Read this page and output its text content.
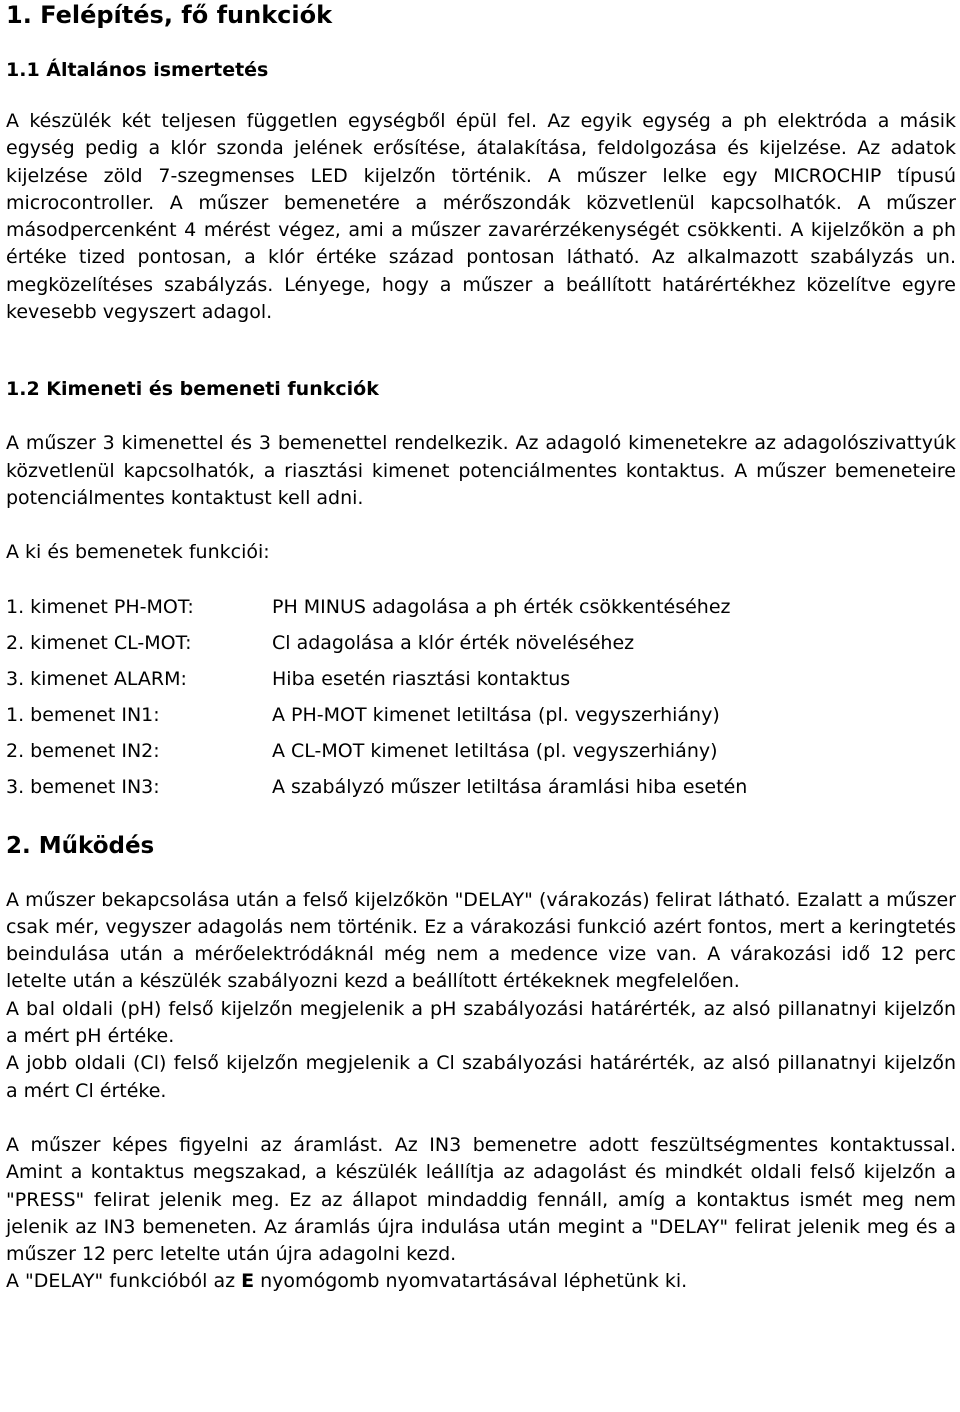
1. Felépítés, fő funkciók
1.1 Általános ismertetés

A készülék két teljesen független egységből épül fel. Az egyik egység a ph elektróda a másik egység pedig a klór szonda jelének erősítése, átalakítása, feldolgozása és kijelzése. Az adatok kijelzése zöld 7-szegmenses LED kijelzőn történik. A műszer lelke egy MICROCHIP típusú microcontroller. A műszer bemenetére a mérőszondák közvetlenül kapcsolhatók. A műszer másodpercenként 4 mérést végez, ami a műszer zavarérzékenységét csökkenti. A kijelzőkön a ph értéke tized pontosan, a klór értéke század pontosan látható. Az alkalmazott szabályzás un. megközelítéses szabályzás. Lényege, hogy a műszer a beállított határértékhez közelítve egyre kevesebb vegyszert adagol.

1.2 Kimeneti és bemeneti funkciók

A műszer 3 kimenettel és 3 bemenettel rendelkezik. Az adagoló kimenetekre az adagolószivattyúk közvetlenül kapcsolhatók, a riasztási kimenet potenciálmentes kontaktus. A műszer bemeneteire potenciálmentes kontaktust kell adni.

A ki és bemenetek funkciói:

1. kimenet PH-MOT:	PH MINUS adagolása a ph érték csökkentéséhez
2. kimenet CL-MOT:	Cl adagolása a klór érték növeléséhez
3. kimenet ALARM:	Hiba esetén riasztási kontaktus
1. bemenet IN1:	A PH-MOT kimenet letiltása (pl. vegyszerhiány)
2. bemenet IN2:	A CL-MOT kimenet letiltása (pl. vegyszerhiány)
3. bemenet IN3:	A szabályzó műszer letiltása áramlási hiba esetén
2. Működés

A műszer bekapcsolása után a felső kijelzőkön "DELAY" (várakozás) felirat látható. Ezalatt a műszer csak mér, vegyszer adagolás nem történik. Ez a várakozási funkció azért fontos, mert a keringtetés beindulása után a mérőelektródáknál még nem a medence vize van. A várakozási idő 12 perc letelte után a készülék szabályozni kezd a beállított értékeknek megfelelően.

A bal oldali (pH) felső kijelzőn megjelenik a pH szabályozási határérték, az alsó pillanatnyi kijelzőn a mért pH értéke.

A jobb oldali (Cl) felső kijelzőn megjelenik a Cl szabályozási határérték, az alsó pillanatnyi kijelzőn a mért Cl értéke.

A műszer képes figyelni az áramlást. Az IN3 bemenetre adott feszültségmentes kontaktussal. Amint a kontaktus megszakad, a készülék leállítja az adagolást és mindkét oldali felső kijelzőn a "PRESS" felirat jelenik meg. Ez az állapot mindaddig fennáll, amíg a kontaktus ismét meg nem jelenik az IN3 bemeneten. Az áramlás újra indulása után megint a "DELAY" felirat jelenik meg és a műszer 12 perc letelte után újra adagolni kezd.

A "DELAY" funkcióból az E nyomógomb nyomvatartásával léphetünk ki.
